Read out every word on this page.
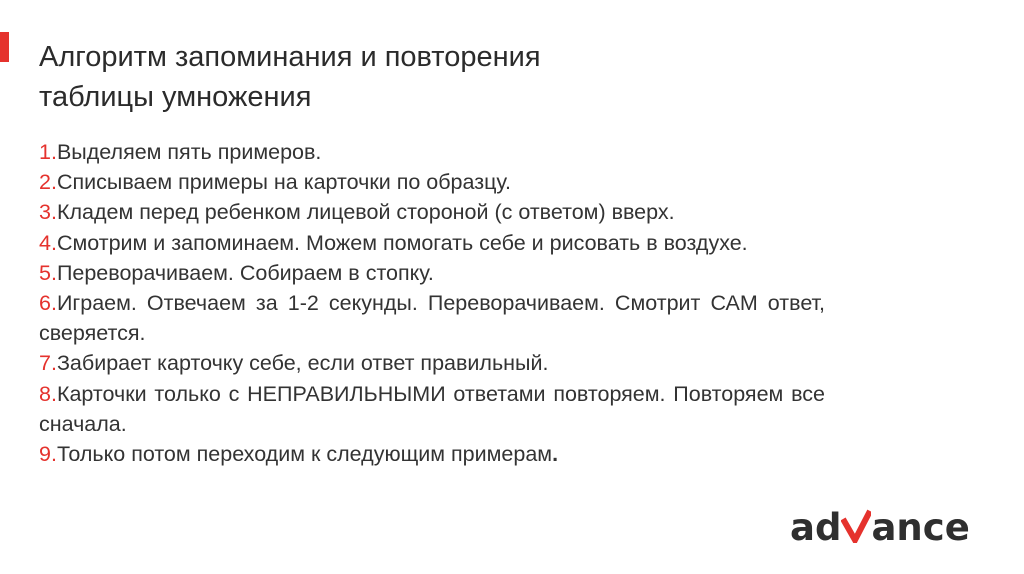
Алгоритм запоминания и повторения
таблицы умножения
1.Выделяем пять примеров.
2.Списываем примеры на карточки по образцу.
3.Кладем перед ребенком лицевой стороной (с ответом) вверх.
4.Смотрим и запоминаем. Можем помогать себе и рисовать в воздухе.
5.Переворачиваем. Собираем в стопку.
6.Играем. Отвечаем за 1-2 секунды. Переворачиваем. Смотрит САМ ответ, сверяется.
7.Забирает карточку себе, если ответ правильный.
8.Карточки только с НЕПРАВИЛЬНЫМИ ответами повторяем. Повторяем все сначала.
9.Только потом переходим к следующим примерам.
ad ance
